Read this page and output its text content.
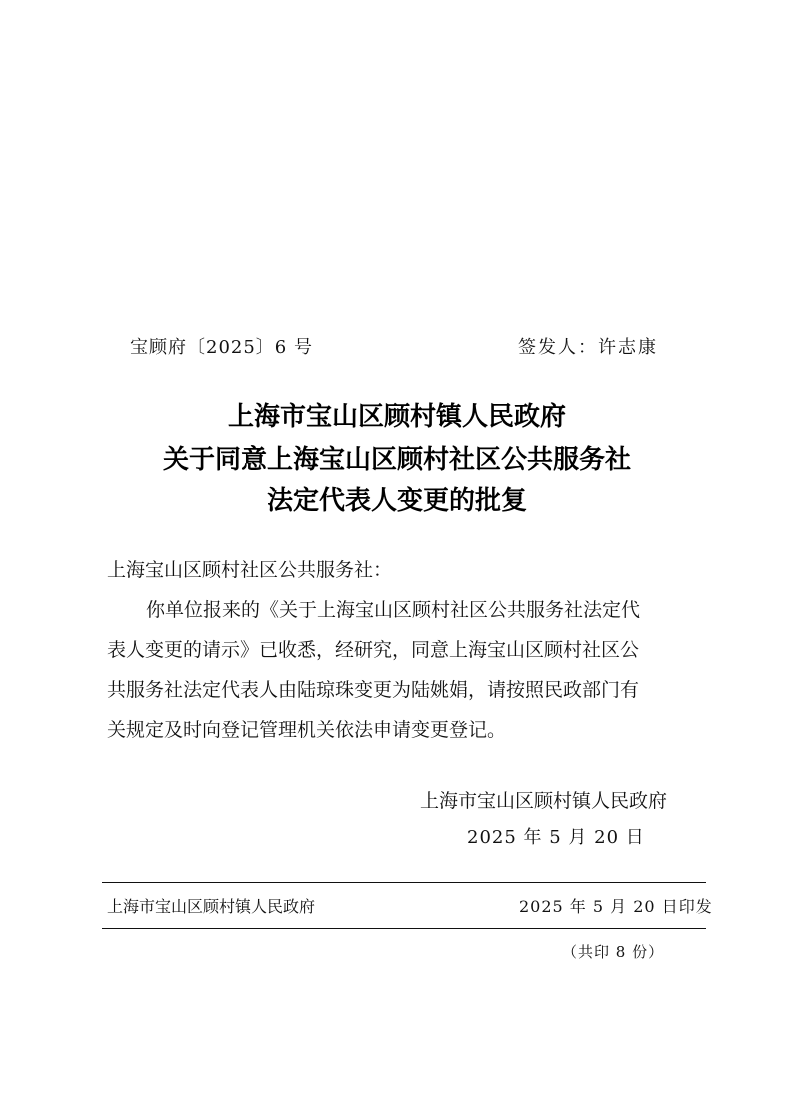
宝顾府〔2025〕6 号	签发人：许志康
上海市宝山区顾村镇人民政府
关于同意上海宝山区顾村社区公共服务社
法定代表人变更的批复
上海宝山区顾村社区公共服务社：
你单位报来的《关于上海宝山区顾村社区公共服务社法定代
表人变更的请示》已收悉，经研究，同意上海宝山区顾村社区公
共服务社法定代表人由陆琼珠变更为陆姚娟，请按照民政部门有
关规定及时向登记管理机关依法申请变更登记。
上海市宝山区顾村镇人民政府
2025 年 5 月 20 日
上海市宝山区顾村镇人民政府	2025 年 5 月 20 日印发
（共印 8 份）
